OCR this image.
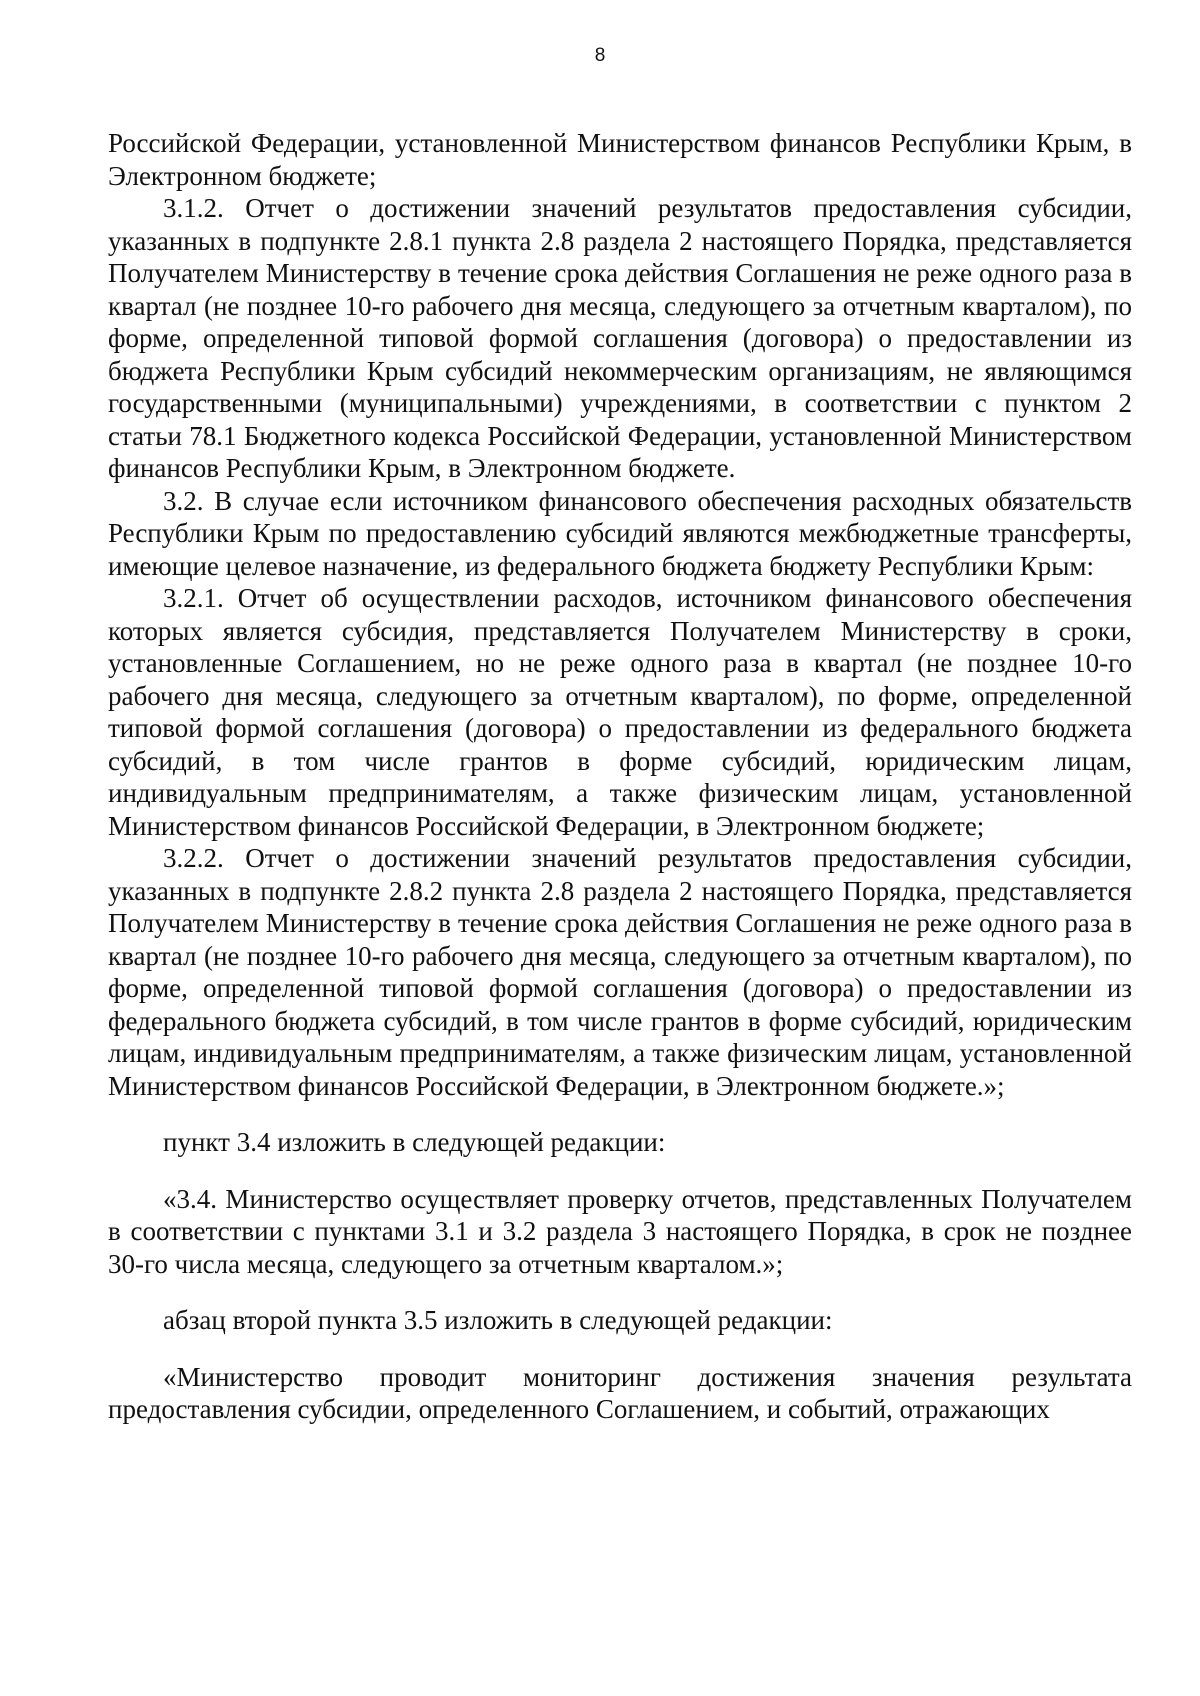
8

Российской Федерации, установленной Министерством финансов Республики Крым, в Электронном бюджете;

3.1.2. Отчет о достижении значений результатов предоставления субсидии, указанных в подпункте 2.8.1 пункта 2.8 раздела 2 настоящего Порядка, представляется Получателем Министерству в течение срока действия Соглашения не реже одного раза в квартал (не позднее 10-го рабочего дня месяца, следующего за отчетным кварталом), по форме, определенной типовой формой соглашения (договора) о предоставлении из бюджета Республики Крым субсидий некоммерческим организациям, не являющимся государственными (муниципальными) учреждениями, в соответствии с пунктом 2 статьи 78.1 Бюджетного кодекса Российской Федерации, установленной Министерством финансов Республики Крым, в Электронном бюджете.

3.2. В случае если источником финансового обеспечения расходных обязательств Республики Крым по предоставлению субсидий являются межбюджетные трансферты, имеющие целевое назначение, из федерального бюджета бюджету Республики Крым:

3.2.1. Отчет об осуществлении расходов, источником финансового обеспечения которых является субсидия, представляется Получателем Министерству в сроки, установленные Соглашением, но не реже одного раза в квартал (не позднее 10-го рабочего дня месяца, следующего за отчетным кварталом), по форме, определенной типовой формой соглашения (договора) о предоставлении из федерального бюджета субсидий, в том числе грантов в форме субсидий, юридическим лицам, индивидуальным предпринимателям, а также физическим лицам, установленной Министерством финансов Российской Федерации, в Электронном бюджете;

3.2.2. Отчет о достижении значений результатов предоставления субсидии, указанных в подпункте 2.8.2 пункта 2.8 раздела 2 настоящего Порядка, представляется Получателем Министерству в течение срока действия Соглашения не реже одного раза в квартал (не позднее 10-го рабочего дня месяца, следующего за отчетным кварталом), по форме, определенной типовой формой соглашения (договора) о предоставлении из федерального бюджета субсидий, в том числе грантов в форме субсидий, юридическим лицам, индивидуальным предпринимателям, а также физическим лицам, установленной Министерством финансов Российской Федерации, в Электронном бюджете.»;

пункт 3.4 изложить в следующей редакции:

«3.4. Министерство осуществляет проверку отчетов, представленных Получателем в соответствии с пунктами 3.1 и 3.2 раздела 3 настоящего Порядка, в срок не позднее 30-го числа месяца, следующего за отчетным кварталом.»;

абзац второй пункта 3.5 изложить в следующей редакции:

«Министерство проводит мониторинг достижения значения результата предоставления субсидии, определенного Соглашением, и событий, отражающих
